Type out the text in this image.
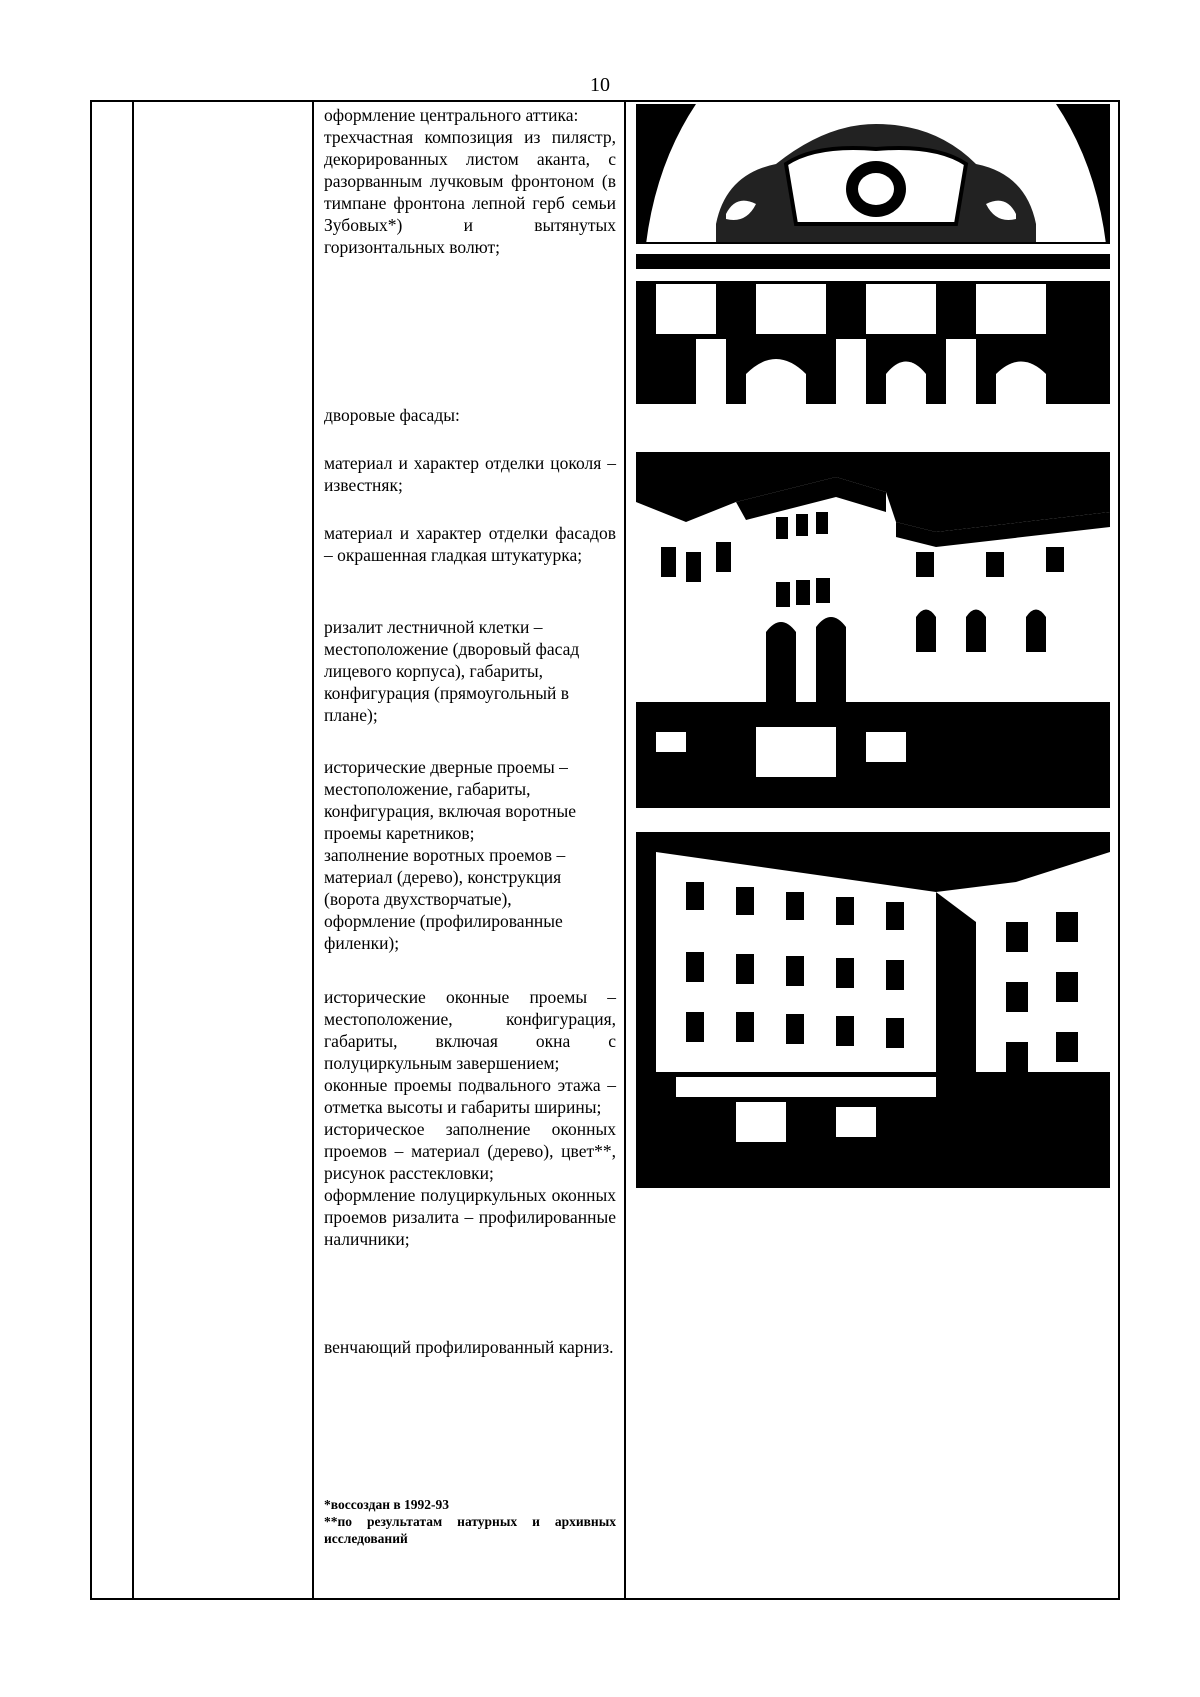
10

оформление центрального аттика:

трехчастная композиция из пилястр, декорированных листом аканта, с разорванным лучковым фронтоном (в тимпане фронтона лепной герб семьи Зубовых*) и вытянутых горизонтальных волют;

дворовые фасады:

материал и характер отделки цоколя – известняк;

материал и характер отделки фасадов – окрашенная гладкая штукатурка;

ризалит лестничной клетки – местоположение (дворовый фасад лицевого корпуса), габариты, конфигурация (прямоугольный в плане);

исторические дверные проемы – местоположение, габариты, конфигурация, включая воротные проемы каретников;

заполнение воротных проемов – материал (дерево), конструкция (ворота двухстворчатые), оформление (профилированные филенки);

исторические оконные проемы – местоположение, конфигурация, габариты, включая окна с полуциркульным завершением;

оконные проемы подвального этажа – отметка высоты и габариты ширины;

историческое заполнение оконных проемов – материал (дерево), цвет**, рисунок расстекловки;

оформление полуциркульных оконных проемов ризалита – профилированные наличники;

венчающий профилированный карниз.

*воссоздан в 1992-93
**по результатам натурных и архивных исследований
